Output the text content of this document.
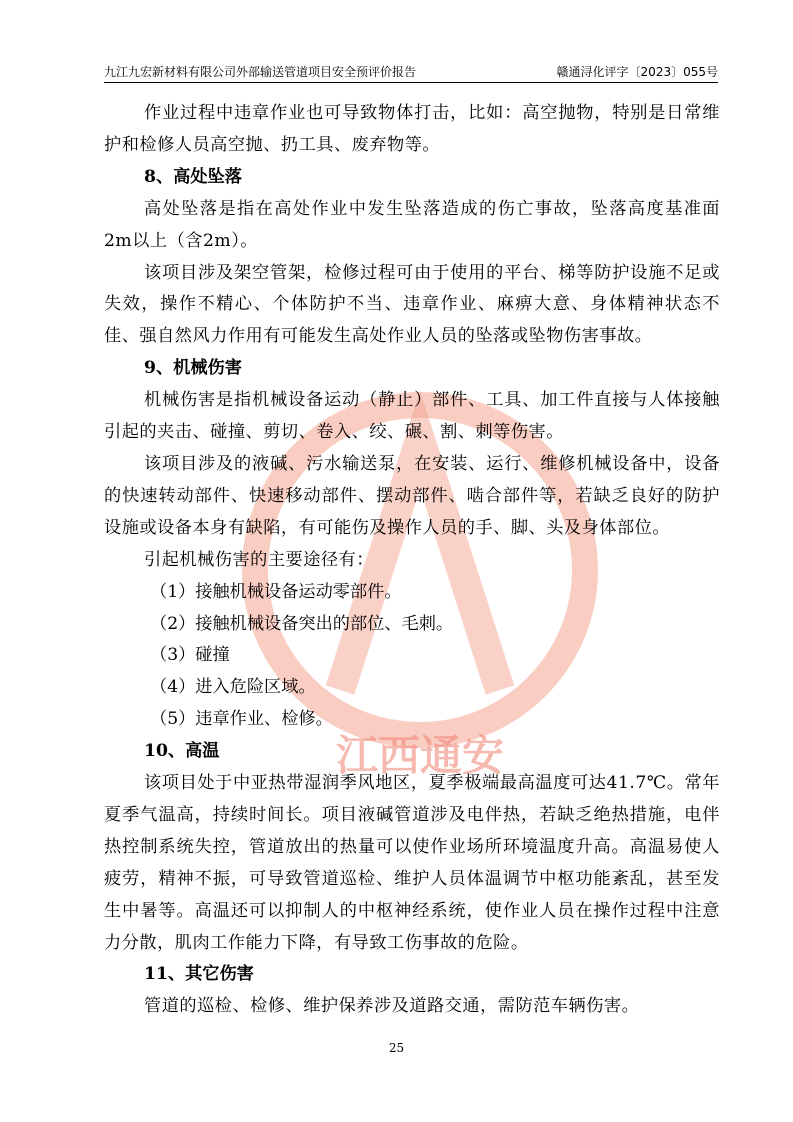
九江九宏新材料有限公司外部输送管道项目安全预评价报告	赣通浔化评字〔2023〕055号
江西通安

作业过程中违章作业也可导致物体打击，比如：高空抛物，特别是日常维护和检修人员高空抛、扔工具、废弃物等。

8、高处坠落

高处坠落是指在高处作业中发生坠落造成的伤亡事故，坠落高度基准面2m以上（含2m）。

该项目涉及架空管架，检修过程可由于使用的平台、梯等防护设施不足或失效，操作不精心、个体防护不当、违章作业、麻痹大意、身体精神状态不佳、强自然风力作用有可能发生高处作业人员的坠落或坠物伤害事故。

9、机械伤害

机械伤害是指机械设备运动（静止）部件、工具、加工件直接与人体接触引起的夹击、碰撞、剪切、卷入、绞、碾、割、刺等伤害。

该项目涉及的液碱、污水输送泵，在安装、运行、维修机械设备中，设备的快速转动部件、快速移动部件、摆动部件、啮合部件等，若缺乏良好的防护设施或设备本身有缺陷，有可能伤及操作人员的手、脚、头及身体部位。

引起机械伤害的主要途径有：

（1）接触机械设备运动零部件。

（2）接触机械设备突出的部位、毛刺。

（3）碰撞

（4）进入危险区域。

（5）违章作业、检修。

10、高温

该项目处于中亚热带湿润季风地区，夏季极端最高温度可达41.7℃。常年夏季气温高，持续时间长。项目液碱管道涉及电伴热，若缺乏绝热措施，电伴热控制系统失控，管道放出的热量可以使作业场所环境温度升高。高温易使人疲劳，精神不振，可导致管道巡检、维护人员体温调节中枢功能紊乱，甚至发生中暑等。高温还可以抑制人的中枢神经系统，使作业人员在操作过程中注意力分散，肌肉工作能力下降，有导致工伤事故的危险。

11、其它伤害

管道的巡检、检修、维护保养涉及道路交通，需防范车辆伤害。

25
